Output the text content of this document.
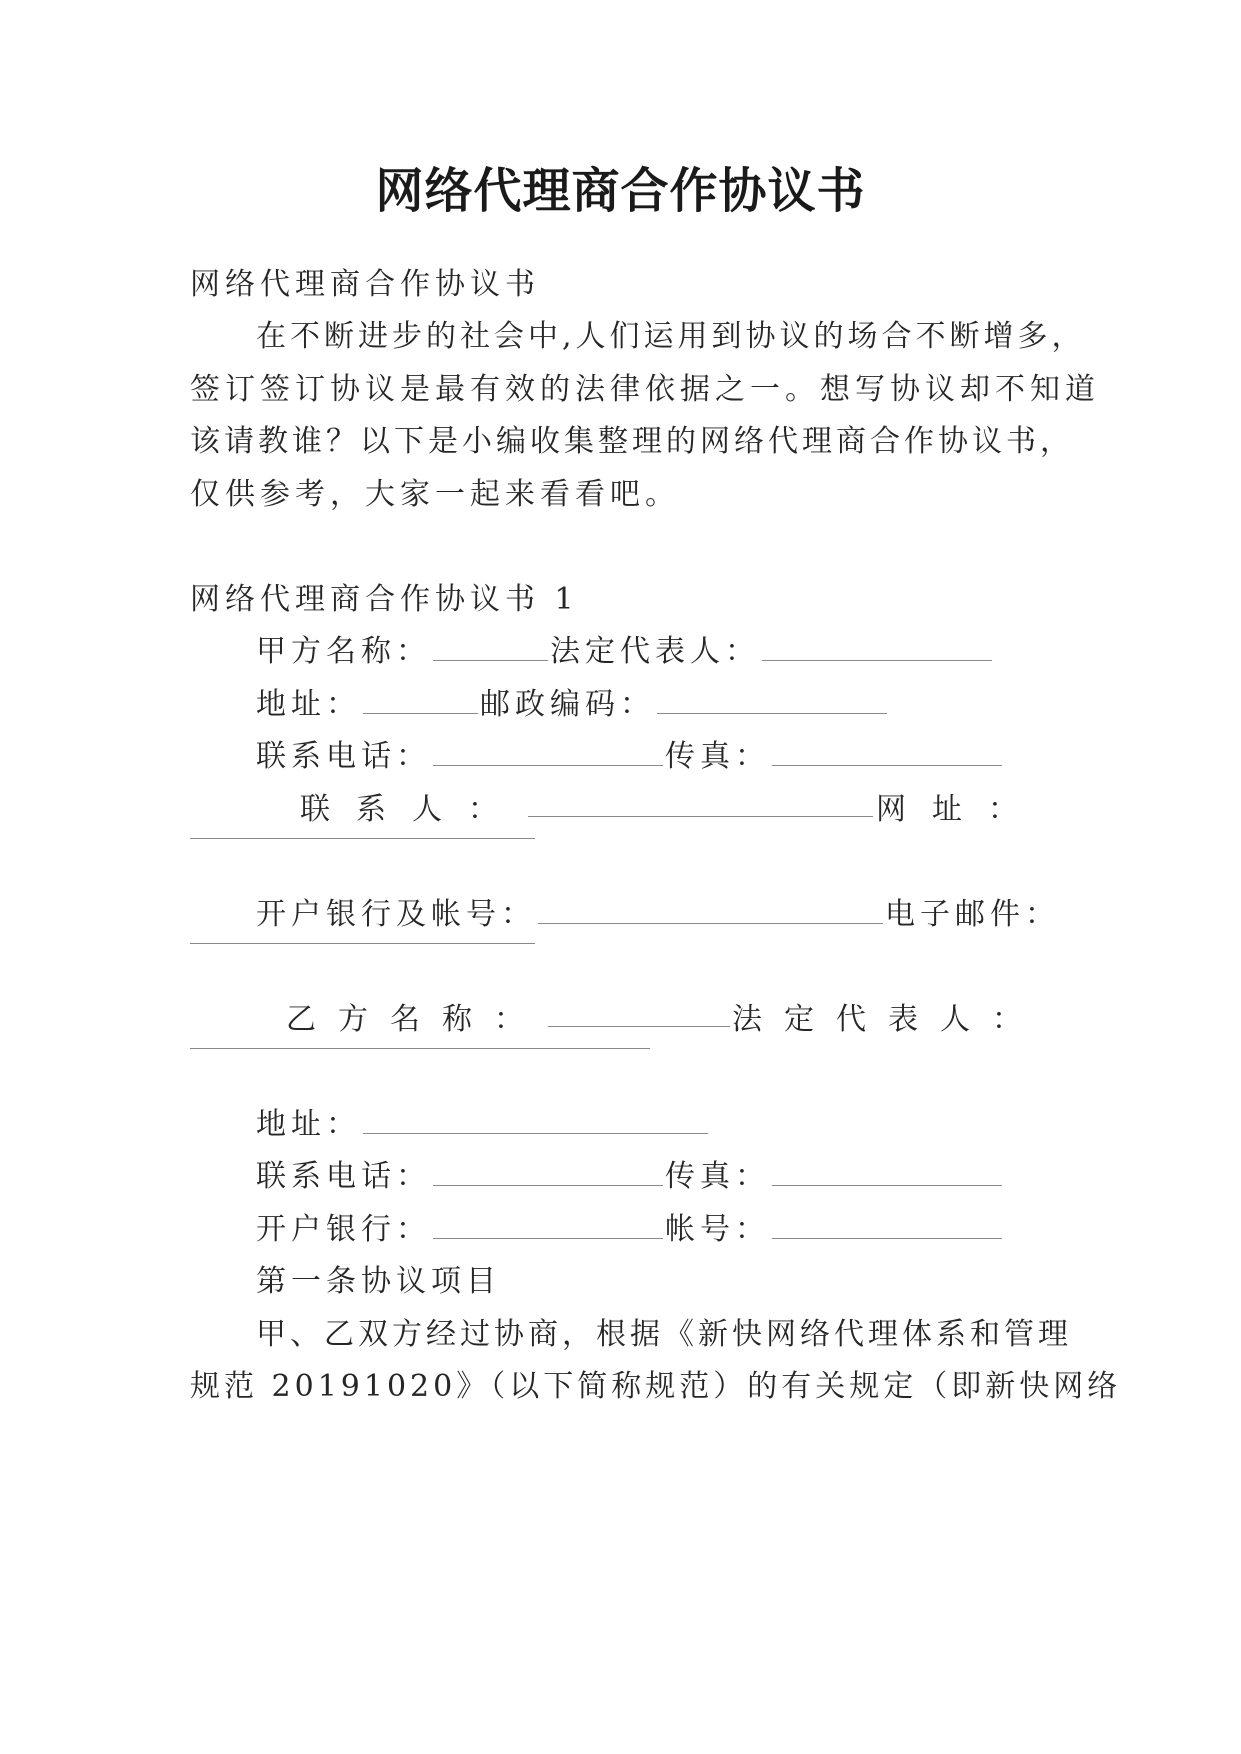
网络代理商合作协议书
网络代理商合作协议书
在不断进步的社会中,人们运用到协议的场合不断增多，
签订签订协议是最有效的法律依据之一。想写协议却不知道
该请教谁？以下是小编收集整理的网络代理商合作协议书，
仅供参考，大家一起来看看吧。
网络代理商合作协议书 1
甲方名称：	法定代表人：
地址：	邮政编码：
联系电话：	传真：
联系人：	网址：
开户银行及帐号：	电子邮件：
乙方名称：	法定代表人：
地址：
联系电话：	传真：
开户银行：	帐号：
第一条协议项目
甲、乙双方经过协商，根据《新快网络代理体系和管理
规范 20191020》（以下简称规范）的有关规定（即新快网络
